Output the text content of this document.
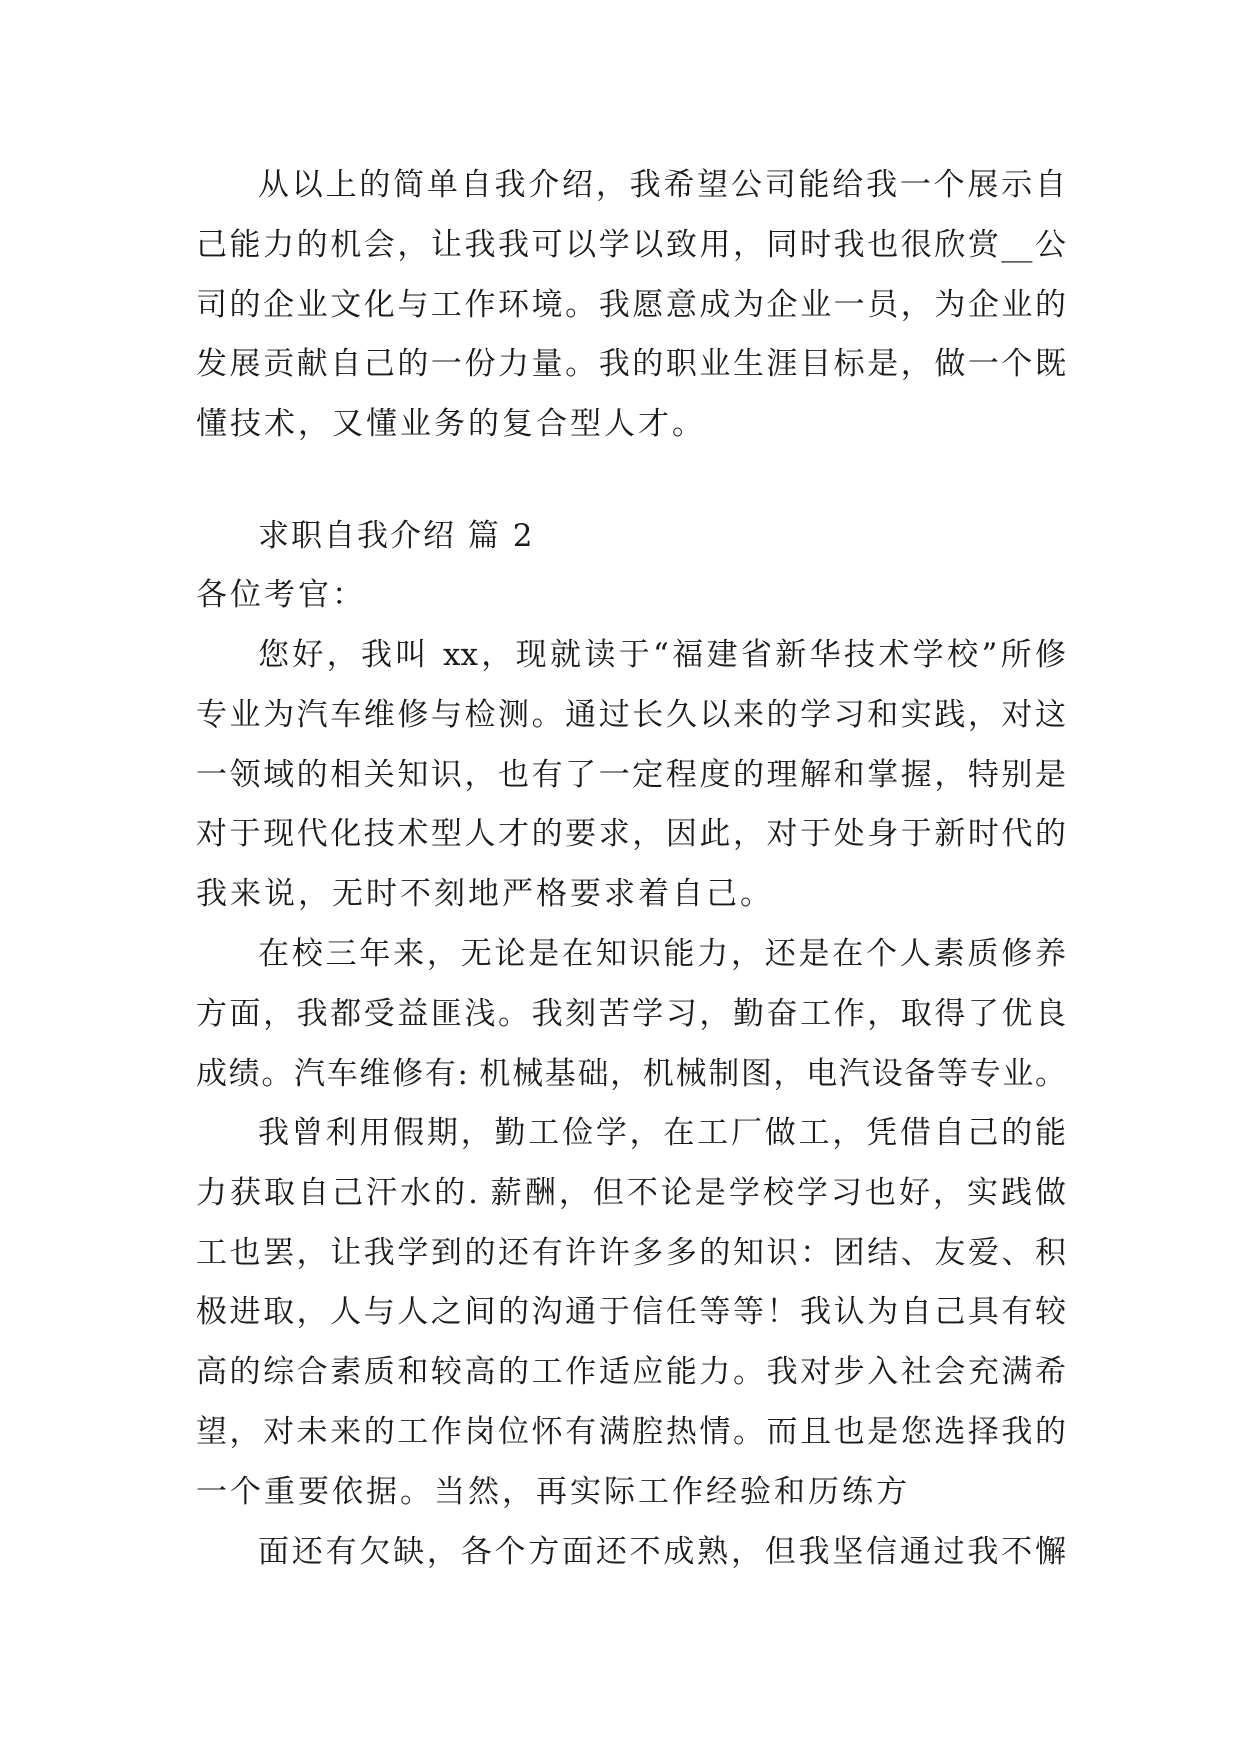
从以上的简单自我介绍，我希望公司能给我一个展示自
己能力的机会，让我我可以学以致用，同时我也很欣赏__公
司的企业文化与工作环境。我愿意成为企业一员，为企业的
发展贡献自己的一份力量。我的职业生涯目标是，做一个既
懂技术，又懂业务的复合型人才。
求职自我介绍 篇 2
各位考官：
您好，我叫 xx，现就读于“福建省新华技术学校”所修
专业为汽车维修与检测。通过长久以来的学习和实践，对这
一领域的相关知识，也有了一定程度的理解和掌握，特别是
对于现代化技术型人才的要求，因此，对于处身于新时代的
我来说，无时不刻地严格要求着自己。
在校三年来，无论是在知识能力，还是在个人素质修养
方面，我都受益匪浅。我刻苦学习，勤奋工作，取得了优良
成绩。汽车维修有: 机械基础，机械制图，电汽设备等专业。
我曾利用假期，勤工俭学，在工厂做工，凭借自己的能
力获取自己汗水的. 薪酬，但不论是学校学习也好，实践做
工也罢，让我学到的还有许许多多的知识：团结、友爱、积
极进取，人与人之间的沟通于信任等等！我认为自己具有较
高的综合素质和较高的工作适应能力。我对步入社会充满希
望，对未来的工作岗位怀有满腔热情。而且也是您选择我的
一个重要依据。当然，再实际工作经验和历练方
面还有欠缺，各个方面还不成熟，但我坚信通过我不懈
